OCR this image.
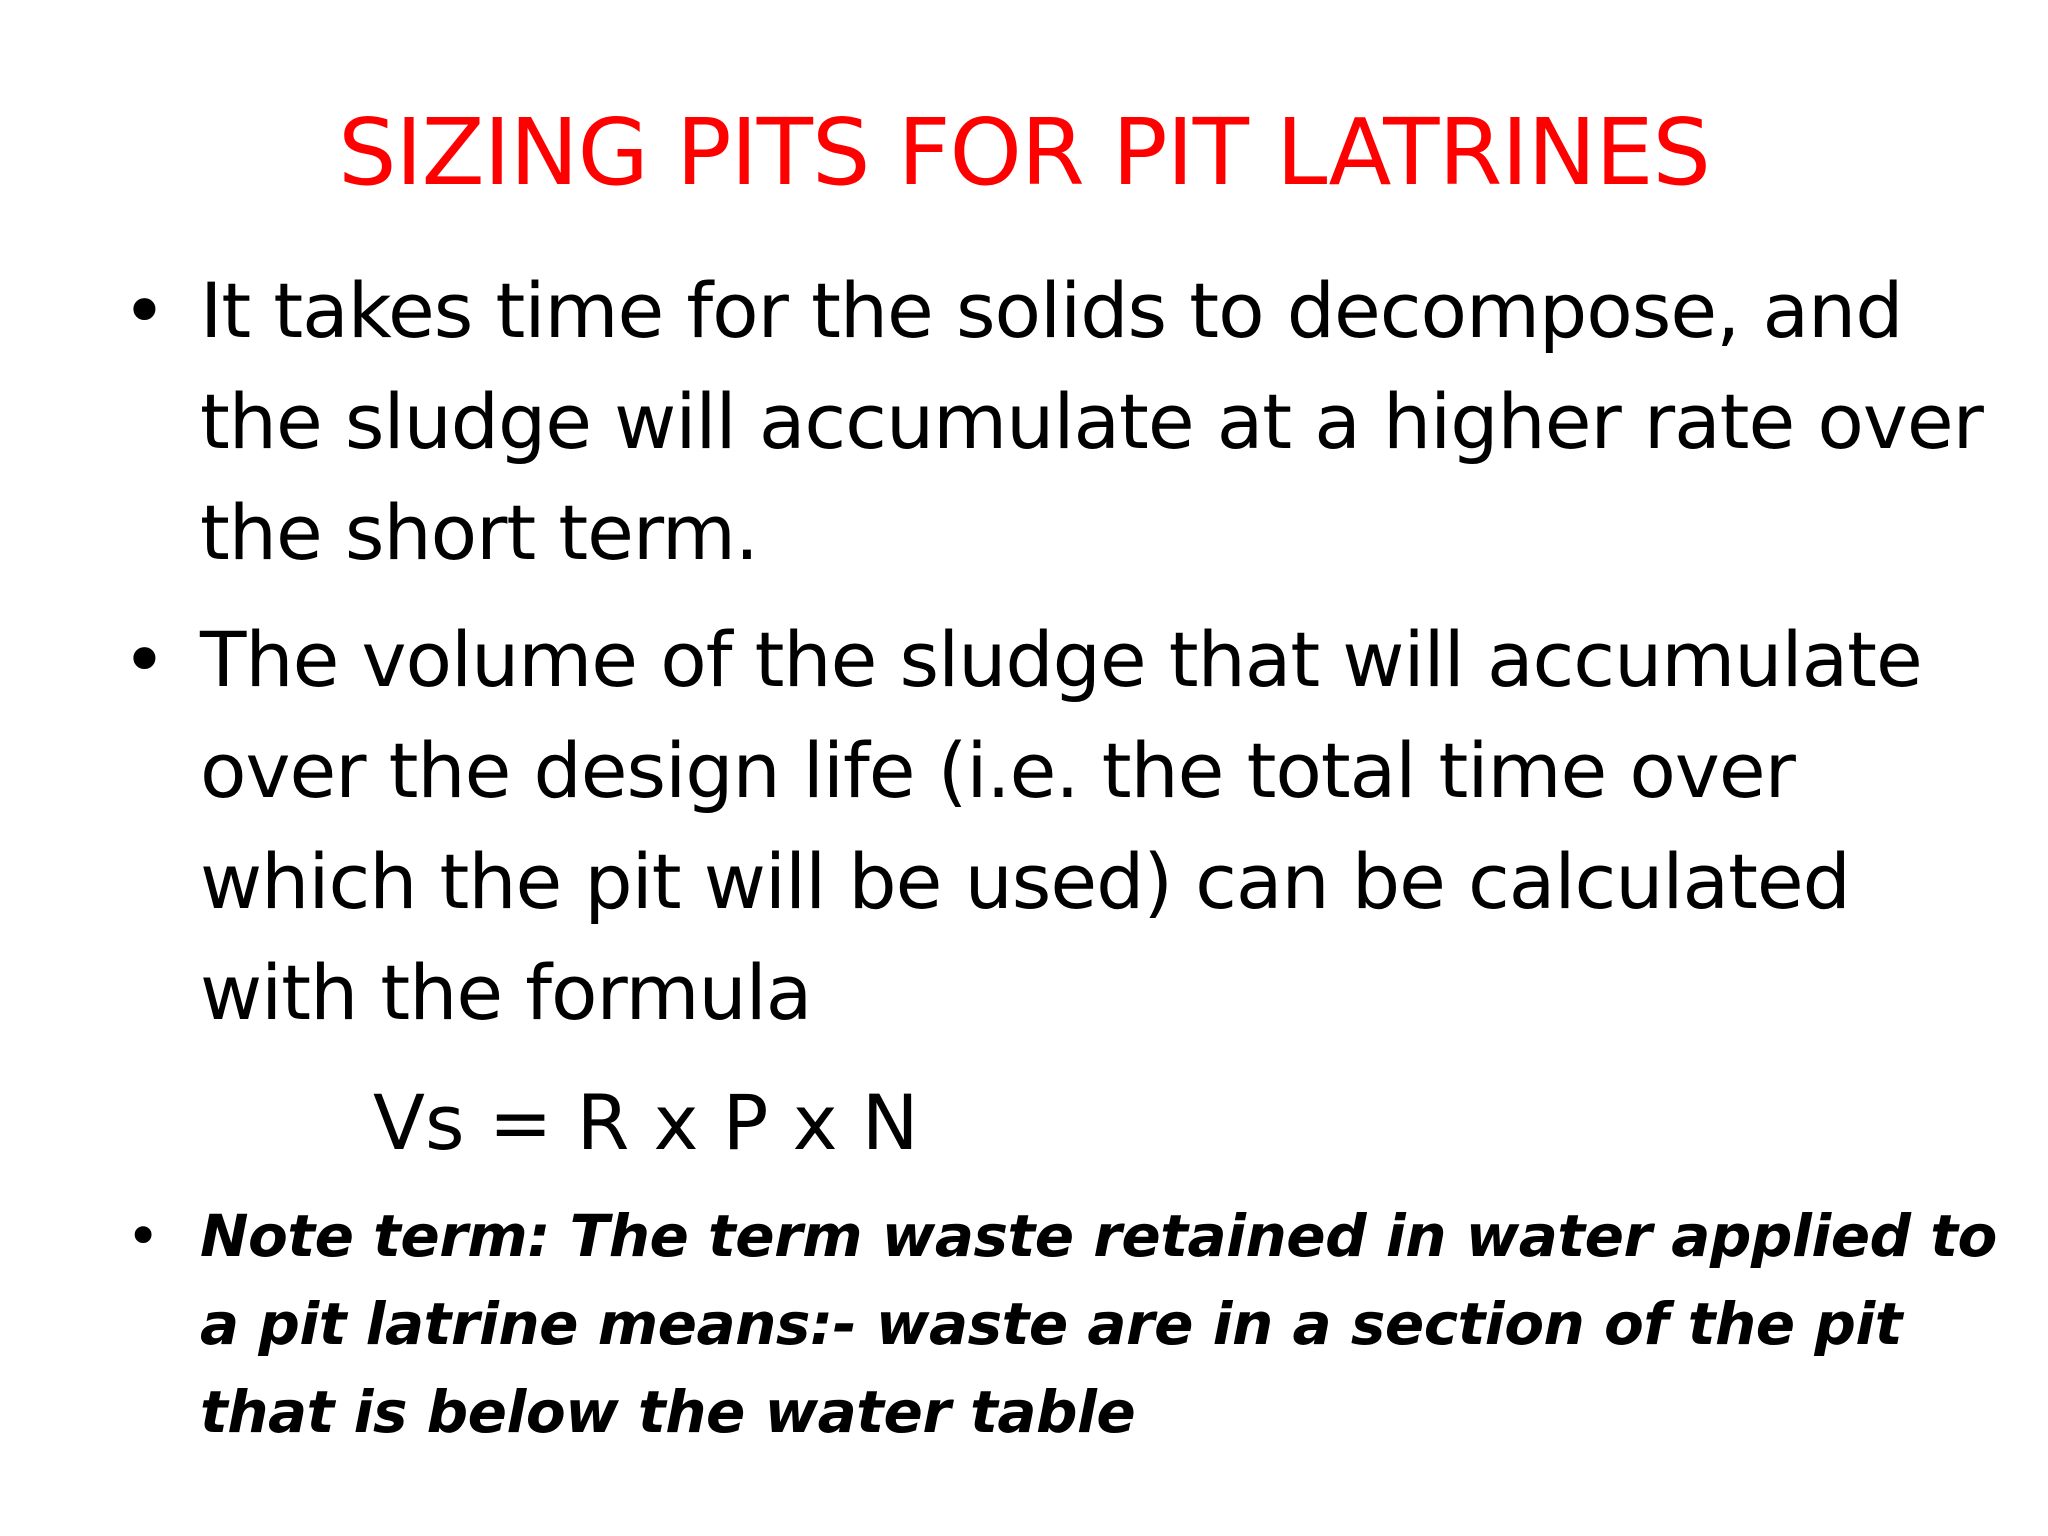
SIZING PITS FOR PIT LATRINES
• It takes time for the solids to decompose, and the sludge will accumulate at a higher rate over the short term.
• The volume of the sludge that will accumulate over the design life (i.e. the total time over which the pit will be used) can be calculated with the formula
Vs = R x P x N
• Note term: The term waste retained in water applied to a pit latrine means:- waste are in a section of the pit that is below the water table
